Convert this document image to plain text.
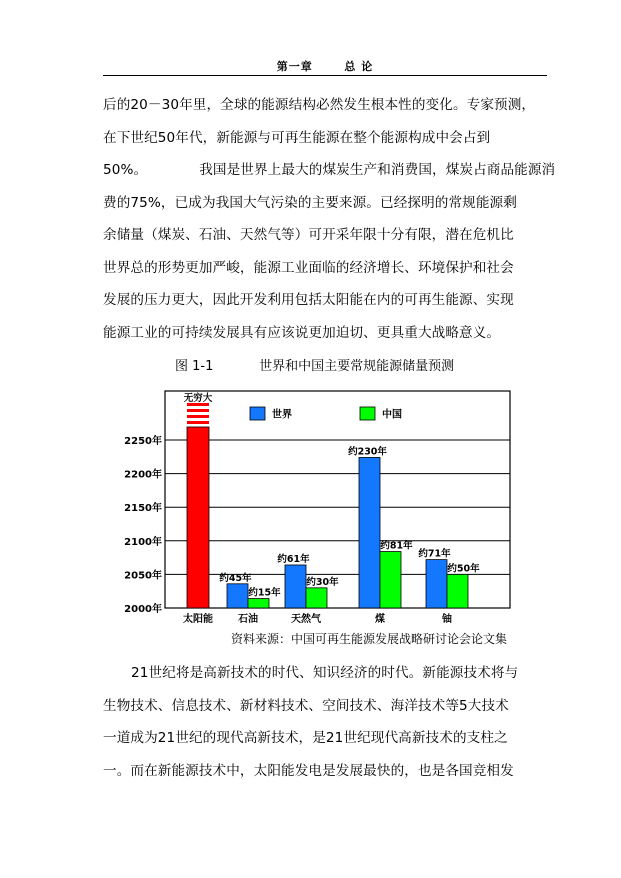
第一章	总 论
后的20－30年里，全球的能源结构必然发生根本性的变化。专家预测，
在下世纪50年代，新能源与可再生能源在整个能源构成中会占到
50%。	我国是世界上最大的煤炭生产和消费国，煤炭占商品能源消
费的75%，已成为我国大气污染的主要来源。已经探明的常规能源剩
余储量（煤炭、石油、天然气等）可开采年限十分有限，潜在危机比
世界总的形势更加严峻，能源工业面临的经济增长、环境保护和社会
发展的压力更大，因此开发利用包括太阳能在内的可再生能源、实现
能源工业的可持续发展具有应该说更加迫切、更具重大战略意义。
图 1-1	世界和中国主要常规能源储量预测
2000年
2050年
2100年
2150年
2200年
2250年
世界	中国
无穷大
约45年
约61年
约230年
约71年
约15年
约30年
约81年
约50年
太阳能	石油	天然气	煤	铀
资料来源：中国可再生能源发展战略研讨论会论文集
21世纪将是高新技术的时代、知识经济的时代。新能源技术将与
生物技术、信息技术、新材料技术、空间技术、海洋技术等5大技术
一道成为21世纪的现代高新技术，是21世纪现代高新技术的支柱之
一。而在新能源技术中，太阳能发电是发展最快的，也是各国竞相发
